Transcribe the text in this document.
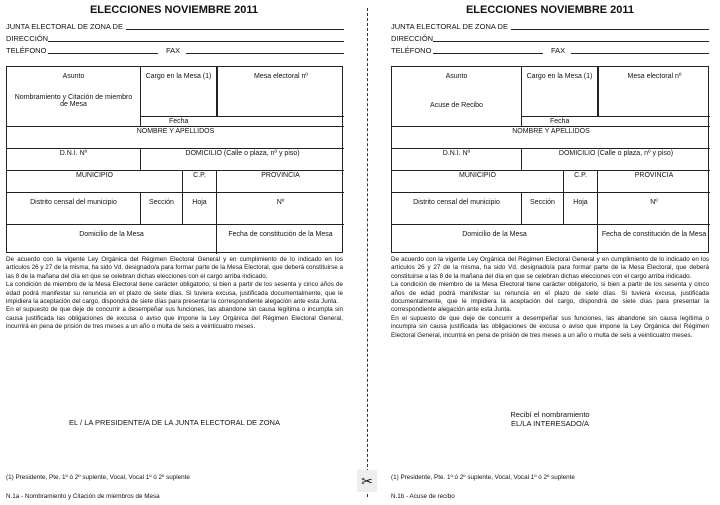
ELECCIONES NOVIEMBRE 2011
JUNTA ELECTORAL DE ZONA DE
DIRECCIÓN
TELÉFONO	FAX
Asunto
Nombramiento y Citación de miembro de Mesa
Cargo en la Mesa (1)	Mesa electoral nº
Fecha
NOMBRE Y APELLIDOS
D.N.I. Nº	DOMICILIO (Calle o plaza, nº y piso)
MUNICIPIO	C.P.	PROVINCIA
Distrito censal del municipio	Sección	Hoja	Nº
Domicilio de la Mesa	Fecha de constitución de la Mesa

De acuerdo con la vigente Ley Orgánica del Régimen Electoral General y en cumplimiento de lo indicado en los artículos 26 y 27 de la misma, ha sido Vd. designado/a para formar parte de la Mesa Electoral, que deberá constituirse a las 8 de la mañana del día en que se celebran dichas elecciones con el cargo arriba indicado.

La condición de miembro de la Mesa Electoral tiene carácter obligatorio, si bien a partir de los sesenta y cinco años de edad podrá manifestar su renuncia en el plazo de siete días. Si tuviera excusa, justificada documentalmente, que le impidiera la aceptación del cargo, dispondrá de siete días para presentar la correspondiente alegación ante esta Junta.

En el supuesto de que deje de concurrir a desempeñar sus funciones, las abandone sin causa legítima o incumpla sin causa justificada las obligaciones de excusa o aviso que impone la Ley Orgánica del Régimen Electoral General, incurrirá en pena de prisión de tres meses a un año o multa de seis a veinticuatro meses.

EL / LA PRESIDENTE/A DE LA JUNTA ELECTORAL DE ZONA
(1) Presidente, Pte. 1º ó 2º suplente, Vocal, Vocal 1º ó 2º suplente
N.1a - Nombramiento y Citación de miembros de Mesa
✂
ELECCIONES NOVIEMBRE 2011
JUNTA ELECTORAL DE ZONA DE
DIRECCIÓN
TELÉFONO	FAX
Asunto
Acuse de Recibo
Cargo en la Mesa (1)	Mesa electoral nº
Fecha
NOMBRE Y APELLIDOS
D.N.I. Nº	DOMICILIO (Calle o plaza, nº y piso)
MUNICIPIO	C.P.	PROVINCIA
Distrito censal del municipio	Sección	Hoja	Nº
Domicilio de la Mesa	Fecha de constitución de la Mesa

De acuerdo con la vigente Ley Orgánica del Régimen Electoral General y en cumplimiento de lo indicado en los artículos 26 y 27 de la misma, ha sido Vd. designado/a para formar parte de la Mesa Electoral, que deberá constituirse a las 8 de la mañana del día en que se celebran dichas elecciones con el cargo arriba indicado.

La condición de miembro de la Mesa Electoral tiene carácter obligatorio, si bien a partir de los sesenta y cinco años de edad podrá manifestar su renuncia en el plazo de siete días. Si tuviera excusa, justificada documentalmente, que le impidiera la aceptación del cargo, dispondrá de siete días para presentar la correspondiente alegación ante esta Junta.

En el supuesto de que deje de concurrir a desempeñar sus funciones, las abandone sin causa legítima o incumpla sin causa justificada las obligaciones de excusa o aviso que impone la Ley Orgánica del Régimen Electoral General, incurrirá en pena de prisión de tres meses a un año o multa de seis a veinticuatro meses.

Recibí el nombramiento
EL/LA INTERESADO/A
(1) Presidente, Pte. 1º ó 2º suplente, Vocal, Vocal 1º ó 2º suplente
N.1b - Acuse de recibo
